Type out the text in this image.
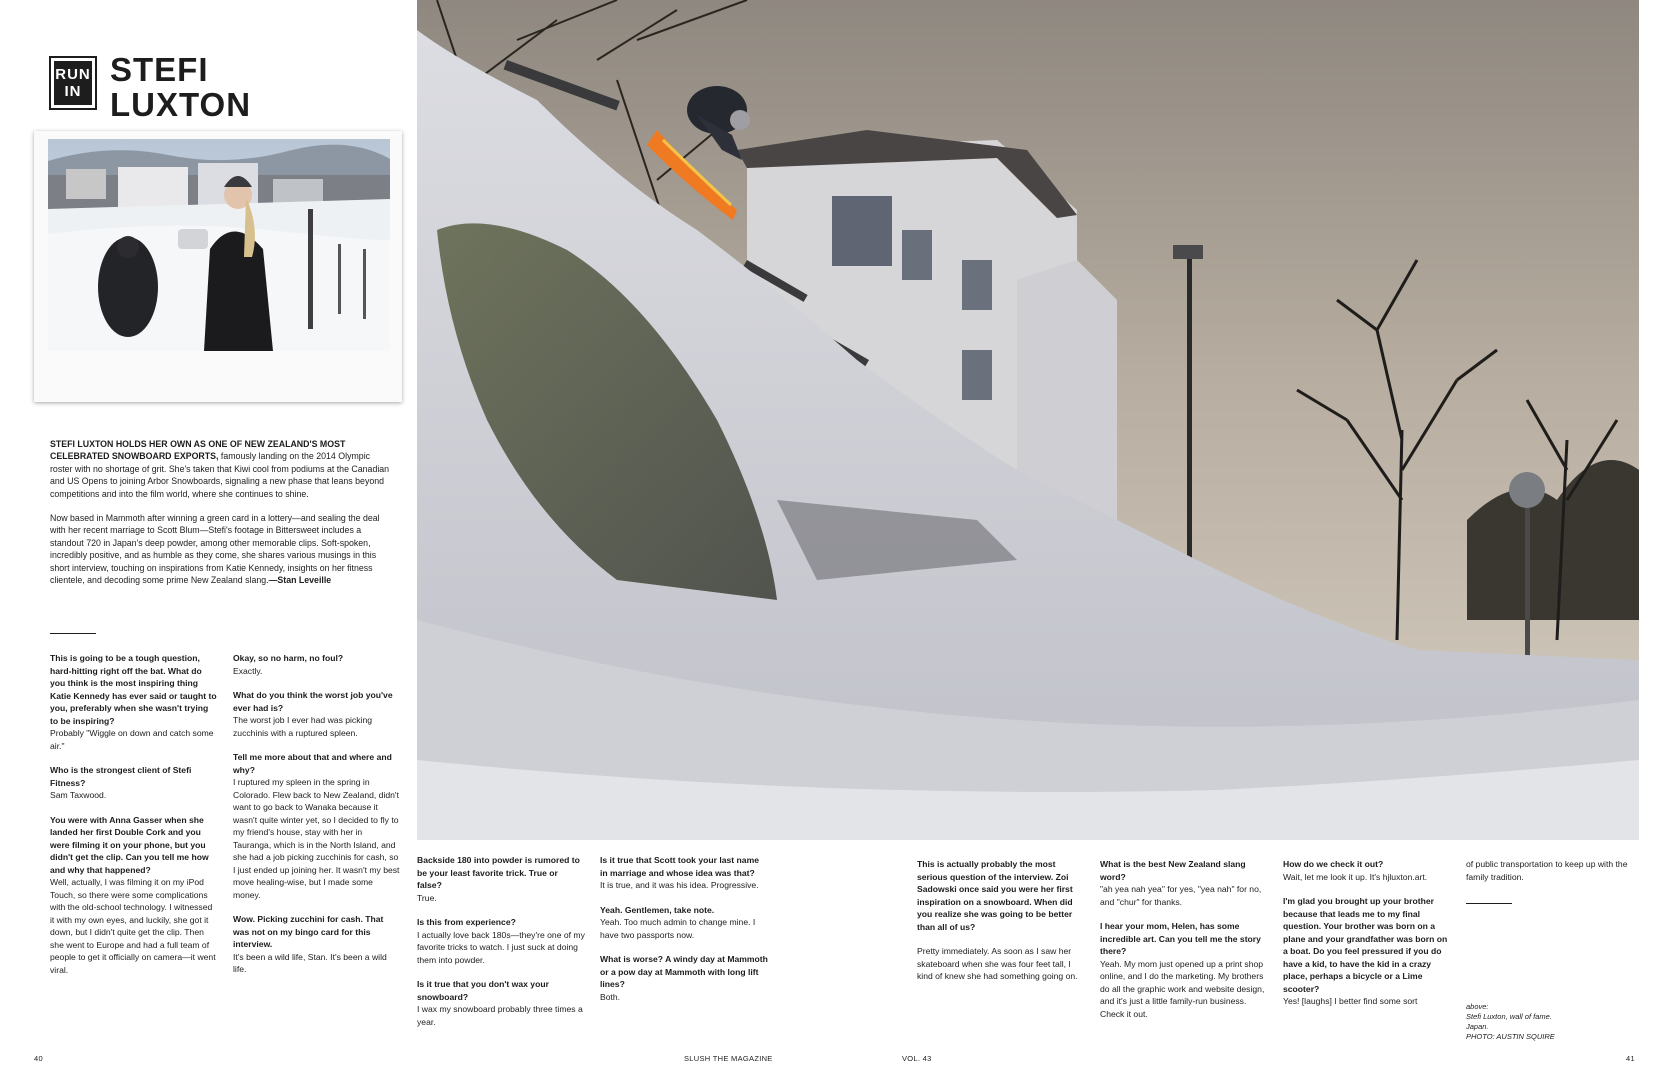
RUN
IN
STEFI
LUXTON

STEFI LUXTON HOLDS HER OWN AS ONE OF NEW ZEALAND'S MOST CELEBRATED SNOWBOARD EXPORTS, famously landing on the 2014 Olympic roster with no shortage of grit. She's taken that Kiwi cool from podiums at the Canadian and US Opens to joining Arbor Snowboards, signaling a new phase that leans beyond competitions and into the film world, where she continues to shine.

Now based in Mammoth after winning a green card in a lottery—and sealing the deal with her recent marriage to Scott Blum—Stefi's footage in Bittersweet includes a standout 720 in Japan's deep powder, among other memorable clips. Soft-spoken, incredibly positive, and as humble as they come, she shares various musings in this short interview, touching on inspirations from Katie Kennedy, insights on her fitness clientele, and decoding some prime New Zealand slang.—Stan Leveille

This is going to be a tough question, hard-hitting right off the bat. What do you think is the most inspiring thing Katie Kennedy has ever said or taught to you, preferably when she wasn't trying to be inspiring?
Probably "Wiggle on down and catch some air."
Who is the strongest client of Stefi Fitness?
Sam Taxwood.
You were with Anna Gasser when she landed her first Double Cork and you were filming it on your phone, but you didn't get the clip. Can you tell me how and why that happened?
Well, actually, I was filming it on my iPod Touch, so there were some complications with the old-school technology. I witnessed it with my own eyes, and luckily, she got it down, but I didn't quite get the clip. Then she went to Europe and had a full team of people to get it officially on camera—it went viral.
Okay, so no harm, no foul?
Exactly.
What do you think the worst job you've ever had is?
The worst job I ever had was picking zucchinis with a ruptured spleen.
Tell me more about that and where and why?
I ruptured my spleen in the spring in Colorado. Flew back to New Zealand, didn't want to go back to Wanaka because it wasn't quite winter yet, so I decided to fly to my friend's house, stay with her in Tauranga, which is in the North Island, and she had a job picking zucchinis for cash, so I just ended up joining her. It wasn't my best move healing-wise, but I made some money.
Wow. Picking zucchini for cash. That was not on my bingo card for this interview.
It's been a wild life, Stan. It's been a wild life.
Backside 180 into powder is rumored to be your least favorite trick. True or false?
True.
Is this from experience?
I actually love back 180s—they're one of my favorite tricks to watch. I just suck at doing them into powder.
Is it true that you don't wax your snowboard?
I wax my snowboard probably three times a year.
Is it true that Scott took your last name in marriage and whose idea was that?
It is true, and it was his idea. Progressive.
Yeah. Gentlemen, take note.
Yeah. Too much admin to change mine. I have two passports now.
What is worse? A windy day at Mammoth or a pow day at Mammoth with long lift lines?
Both.
This is actually probably the most serious question of the interview. Zoi Sadowski once said you were her first inspiration on a snowboard. When did you realize she was going to be better than all of us?
Pretty immediately. As soon as I saw her skateboard when she was four feet tall, I kind of knew she had something going on.
What is the best New Zealand slang word?
"ah yea nah yea" for yes, "yea nah" for no, and "chur" for thanks.
I hear your mom, Helen, has some incredible art. Can you tell me the story there?
Yeah. My mom just opened up a print shop online, and I do the marketing. My brothers do all the graphic work and website design, and it's just a little family-run business. Check it out.
How do we check it out?
Wait, let me look it up. It's hjluxton.art.
I'm glad you brought up your brother because that leads me to my final question. Your brother was born on a plane and your grandfather was born on a boat. Do you feel pressured if you do have a kid, to have the kid in a crazy place, perhaps a bicycle or a Lime scooter?
Yes! [laughs] I better find some sort
of public transportation to keep up with the family tradition.
above:
Stefi Luxton, wall of fame.
Japan.
PHOTO: AUSTIN SQUIRE
40	SLUSH THE MAGAZINE	VOL. 43	41
